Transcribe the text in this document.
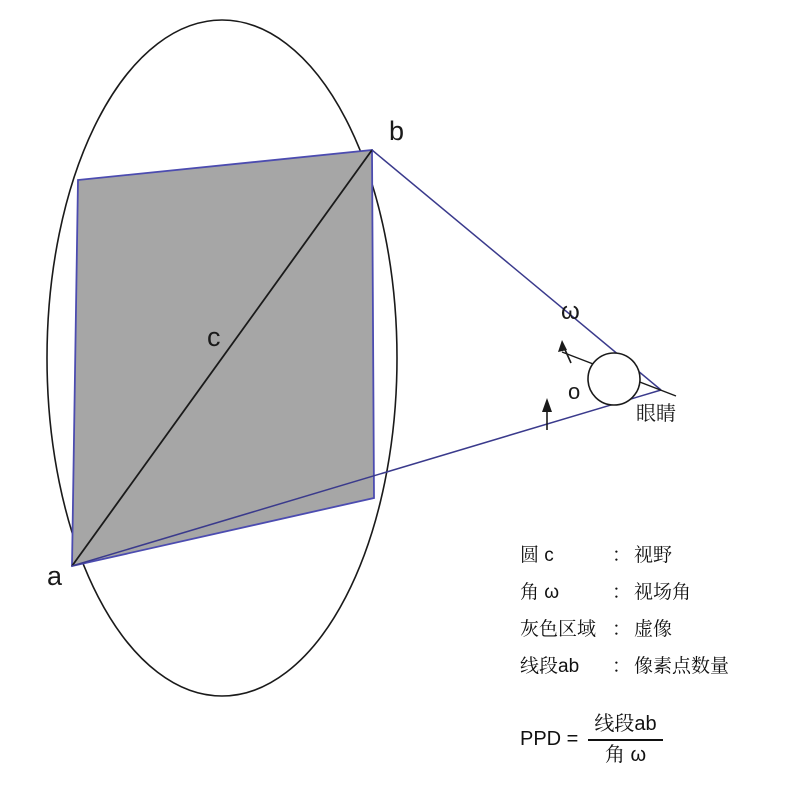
a
b
c
o
ω
眼睛
圆 c	： 视野
角 ω	： 视场角
灰色区域 ： 虚像
线段ab	： 像素点数量
PPD = $\frac{\text{线段ab}}{\text{角 ω}}$
